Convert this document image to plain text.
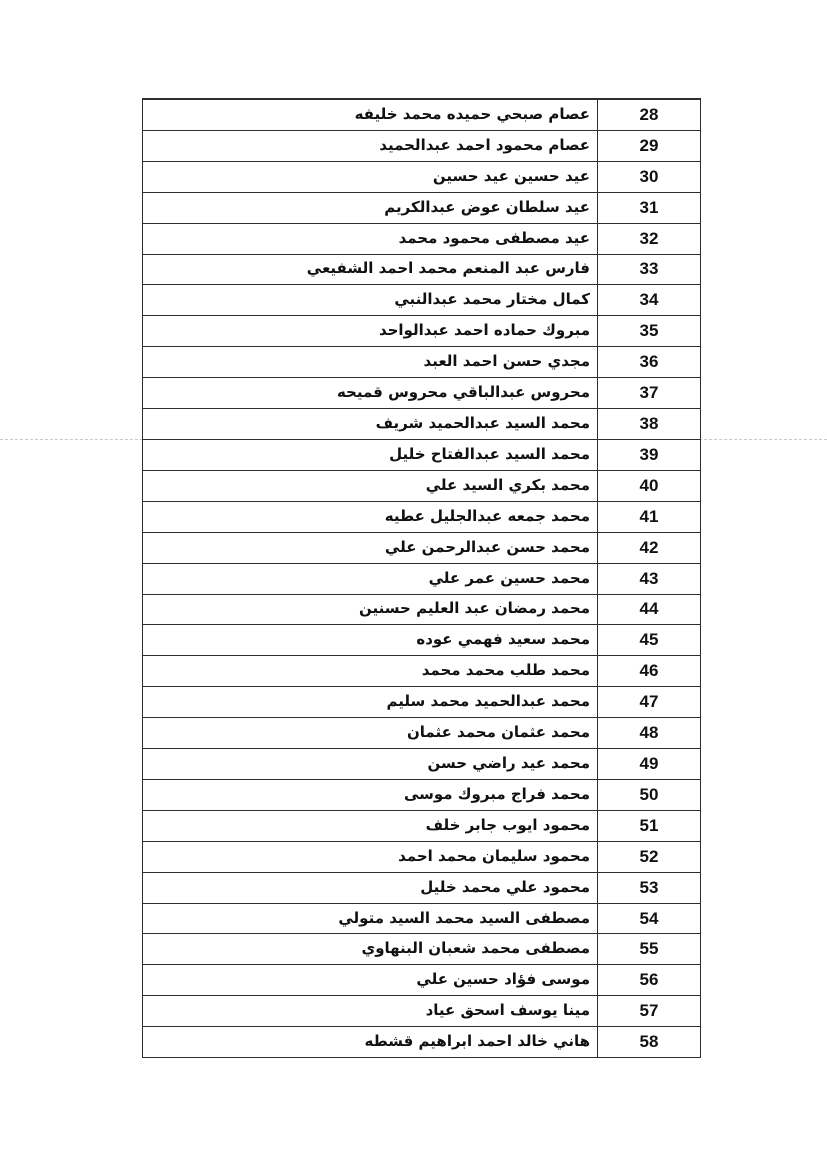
عصام صبحي حميده محمد خليفه	28
عصام محمود احمد عبدالحميد	29
عيد حسين عيد حسين	30
عيد سلطان عوض عبدالكريم	31
عيد مصطفى محمود محمد	32
فارس عبد المنعم محمد احمد الشفيعي	33
كمال مختار محمد عبدالنبي	34
مبروك حماده احمد عبدالواحد	35
مجدي حسن احمد العبد	36
محروس عبدالباقي محروس قميحه	37
محمد السيد عبدالحميد شريف	38
محمد السيد عبدالفتاح خليل	39
محمد بكري السيد علي	40
محمد جمعه عبدالجليل عطيه	41
محمد حسن عبدالرحمن علي	42
محمد حسين عمر علي	43
محمد رمضان عبد العليم حسنين	44
محمد سعيد فهمي عوده	45
محمد طلب محمد محمد	46
محمد عبدالحميد محمد سليم	47
محمد عثمان محمد عثمان	48
محمد عيد راضي حسن	49
محمد فراج مبروك موسى	50
محمود ايوب جابر خلف	51
محمود سليمان محمد احمد	52
محمود علي محمد خليل	53
مصطفى السيد محمد السيد متولي	54
مصطفى محمد شعبان البنهاوي	55
موسى فؤاد حسين علي	56
مينا يوسف اسحق عياد	57
هاني خالد احمد ابراهيم قشطه	58
